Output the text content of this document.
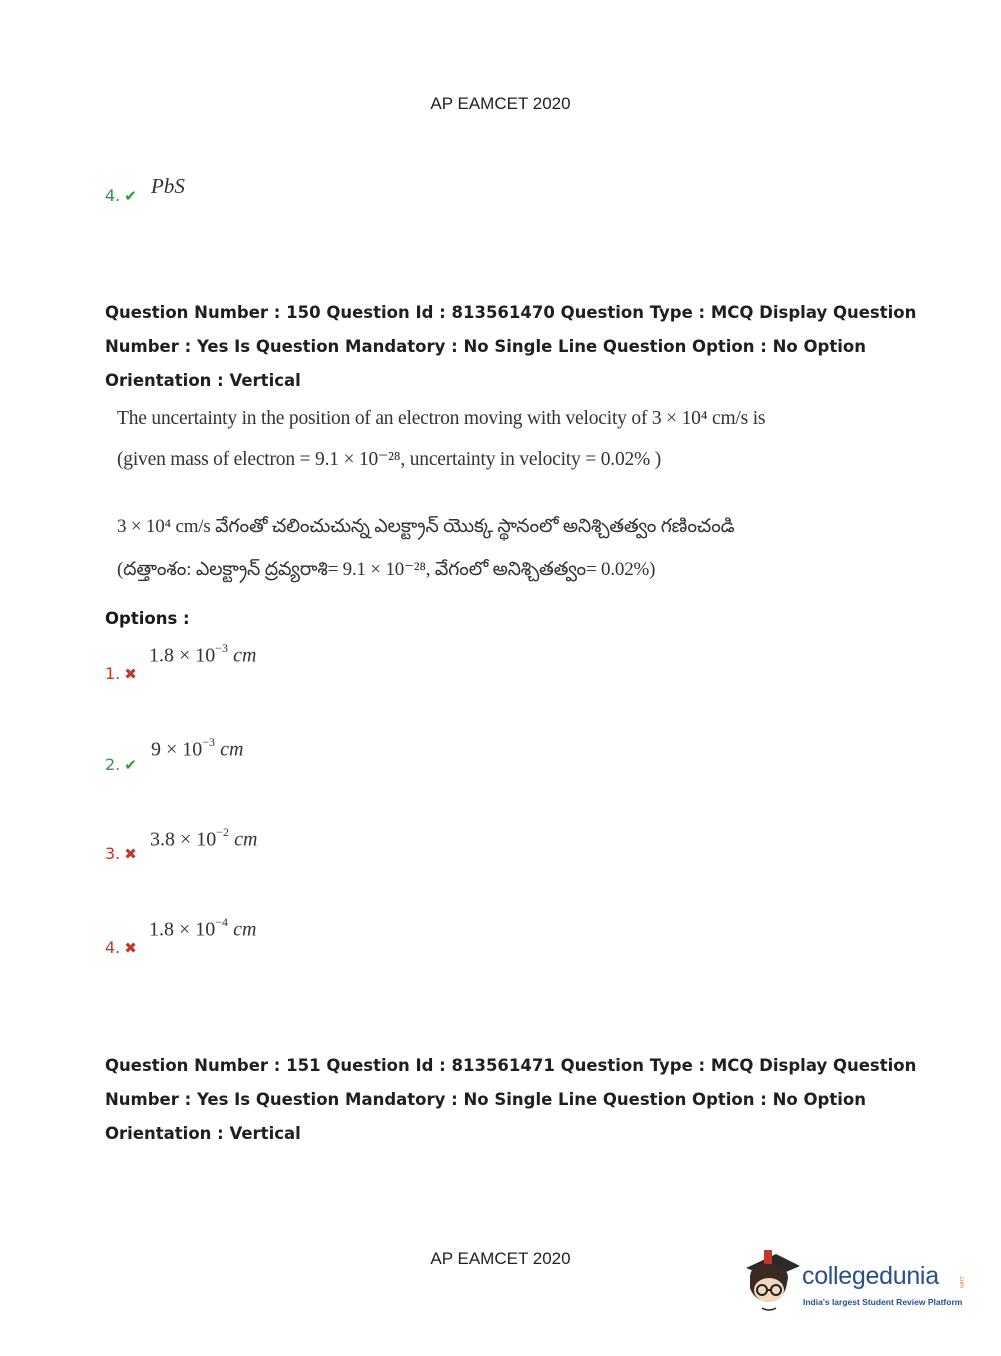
AP EAMCET 2020
4. ✔ PbS
Question Number : 150 Question Id : 813561470 Question Type : MCQ Display Question
Number : Yes Is Question Mandatory : No Single Line Question Option : No Option
Orientation : Vertical
The uncertainty in the position of an electron moving with velocity of 3 × 10⁴ cm/s is
(given mass of electron = 9.1 × 10⁻²⁸, uncertainty in velocity = 0.02% )
3 × 10⁴ cm/s వేగంతో చలించుచున్న ఎలక్ట్రాన్ యొక్క స్థానంలో అనిశ్చితత్వం గణించండి
(దత్తాంశం: ఎలక్ట్రాన్ ద్రవ్యరాశి= 9.1 × 10⁻²⁸, వేగంలో అనిశ్చితత్వం= 0.02%)
Options :
1. ✖
$1.8 \times 10^{-3}$ cm
2. ✔
$9 \times 10^{-3}$ cm
3. ✖
$3.8 \times 10^{-2}$ cm
4. ✖
$1.8 \times 10^{-4}$ cm
Question Number : 151 Question Id : 813561471 Question Type : MCQ Display Question
Number : Yes Is Question Mandatory : No Single Line Question Option : No Option
Orientation : Vertical
AP EAMCET 2020
collegedunia	.com
India's largest Student Review Platform
